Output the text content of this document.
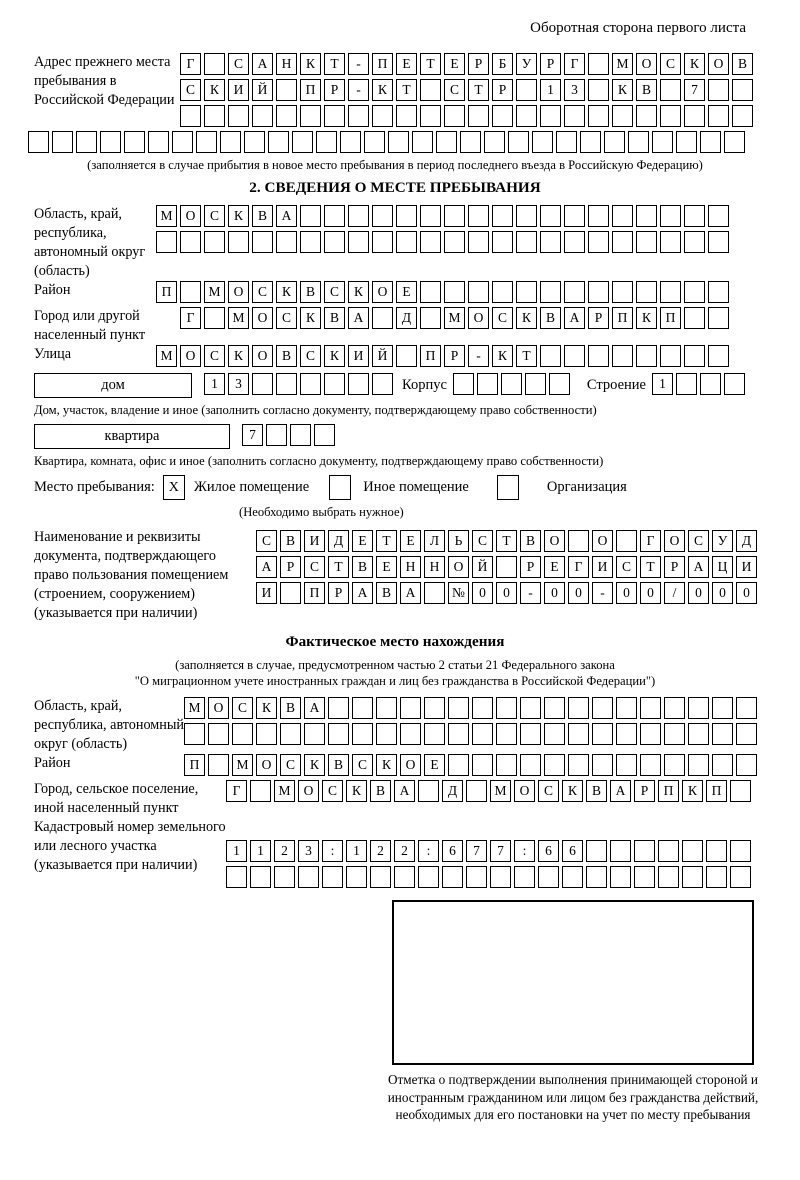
Оборотная сторона первого листа
Адрес прежнего места пребывания в Российской Федерации
Г	С	А	Н	К	Т	-	П	Е	Т	Е	Р	Б	У	Р	Г	М О	С	К	О	В
С	К	И	Й	П	Р	-	К	Т	С	Т	Р	1	3	К	В	7
(заполняется в случае прибытия в новое место пребывания в период последнего въезда в Российскую Федерацию)
2. СВЕДЕНИЯ О МЕСТЕ ПРЕБЫВАНИЯ
Область, край, республика, автономный округ (область)
М О	С	К	В	А
Район	П	М О	С	К	В	С	К	О	Е
Город или другой населенный пункт
Г	М О	С	К	В	А	Д	М О	С	К	В	А	Р	П	К	П
Улица	М О	С	К	О	В	С	К	И	Й	П	Р	-	К	Т
дом	1	3	Корпус	Строение 1
Дом, участок, владение и иное (заполнить согласно документу, подтверждающему право собственности)
квартира	7
Квартира, комната, офис и иное (заполнить согласно документу, подтверждающему право собственности)
Место пребывания: X	Жилое помещение	Иное помещение	Организация
(Необходимо выбрать нужное)
Наименование и реквизиты документа, подтверждающего право пользования помещением (строением, сооружением) (указывается при наличии)
С	В	И	Д	Е	Т	Е	Л	Ь	С	Т	В	О	О	Г	О	С	У	Д
А	Р	С	Т	В	Е	Н	Н	О	Й	Р	Е	Г	И	С	Т	Р	А	Ц	И
И	П	Р	А	В	А	№	0	0	-	0	0	-	0	0	/	0	0	0
Фактическое место нахождения
(заполняется в случае, предусмотренном частью 2 статьи 21 Федерального закона
"О миграционном учете иностранных граждан и лиц без гражданства в Российской Федерации")
Область, край, республика, автономный округ (область)
М О	С	К	В	А
Район	П	М О	С	К	В	С	К	О	Е
Город, сельское поселение, иной населенный пункт
Г	М О	С	К	В	А	Д	М О	С	К	В	А	Р	П	К	П
Кадастровый номер земельного или лесного участка (указывается при наличии)
1	1	2	3	:	1	2	2	:	6	7	7	:	6	6
Отметка о подтверждении выполнения принимающей стороной и иностранным гражданином или лицом без гражданства действий, необходимых для его постановки на учет по месту пребывания
